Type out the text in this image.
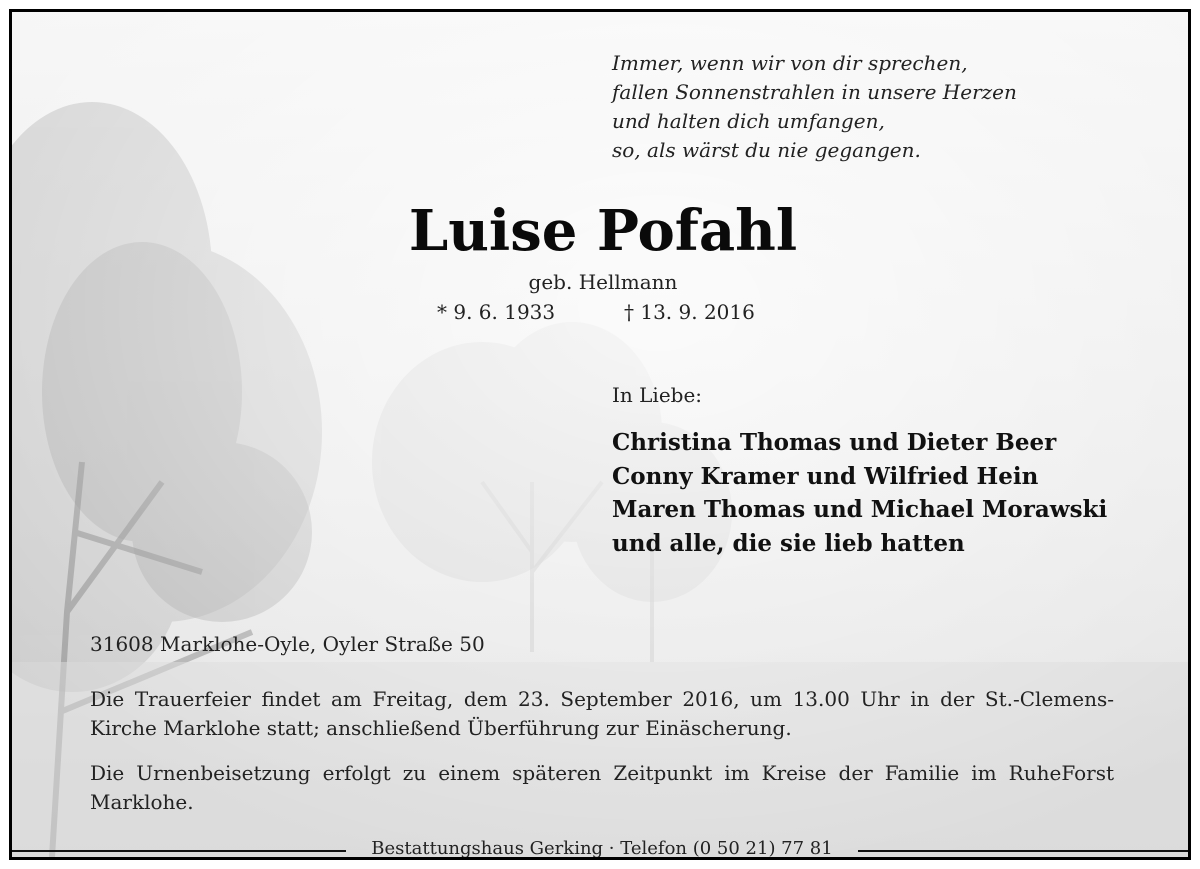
Immer, wenn wir von dir sprechen,
fallen Sonnenstrahlen in unsere Herzen
und halten dich umfangen,
so, als wärst du nie gegangen.
Luise Pofahl
geb. Hellmann
* 9. 6. 1933	† 13. 9. 2016
In Liebe:
Christina Thomas und Dieter Beer
Conny Kramer und Wilfried Hein
Maren Thomas und Michael Morawski
und alle, die sie lieb hatten
31608 Marklohe-Oyle, Oyler Straße 50
Die Trauerfeier findet am Freitag, dem 23. September 2016, um 13.00 Uhr in der St.-Clemens-Kirche Marklohe statt; anschließend Überführung zur Einäscherung.
Die Urnenbeisetzung erfolgt zu einem späteren Zeitpunkt im Kreise der Familie im RuheForst Marklohe.
Bestattungshaus Gerking · Telefon (0 50 21) 77 81
